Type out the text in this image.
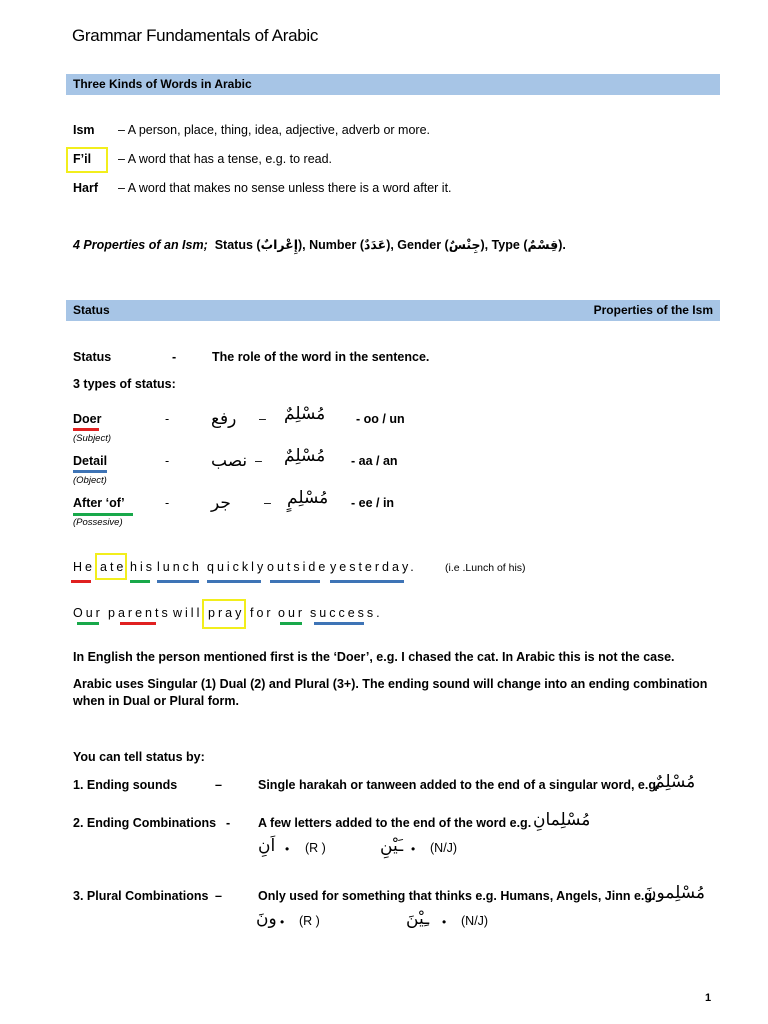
Grammar Fundamentals of Arabic
Three Kinds of Words in Arabic
Ism – A person, place, thing, idea, adjective, adverb or more.
F’il – A word that has a tense, e.g. to read.
Harf – A word that makes no sense unless there is a word after it.
4 Properties of an Ism; Status (إِعْرابٌ), Number (عَدَدٌ), Gender (جِنْسٌ), Type (قِسْمٌ).
Status	Properties of the Ism
Status	-	The role of the word in the sentence.
3 types of status:
Doer
(Subject)
- رفع – مُسْلِمٌ - oo / un
Detail
(Object)
- نصب – مُسْلِمٌ - aa / an
After ‘of’
(Possesive)
- جر	– مُسْلِمٍ - ee / in
He ate his lunch quickly outside yesterday.	(i.e .Lunch of his)
Our parents will pray for our success.
In English the person mentioned first is the ‘Doer’, e.g. I chased the cat. In Arabic this is not the case.
Arabic uses Singular (1) Dual (2) and Plural (3+). The ending sound will change into an ending combination
when in Dual or Plural form.
You can tell status by:
1. Ending sounds	–	Single harakah or tanween added to the end of a singular word, e.g.
مُسْلِمٌ
2. Ending Combinations - A few letters added to the end of the word e.g. مُسْلِمانِ
اَنِ • (R )	ـَيْنِ • (N/J)
3. Plural Combinations –	Only used for something that thinks e.g. Humans, Angels, Jinn e.g.
مُسْلِمونَ
ونَ • (R )	ـِيْنَ • (N/J)
1
